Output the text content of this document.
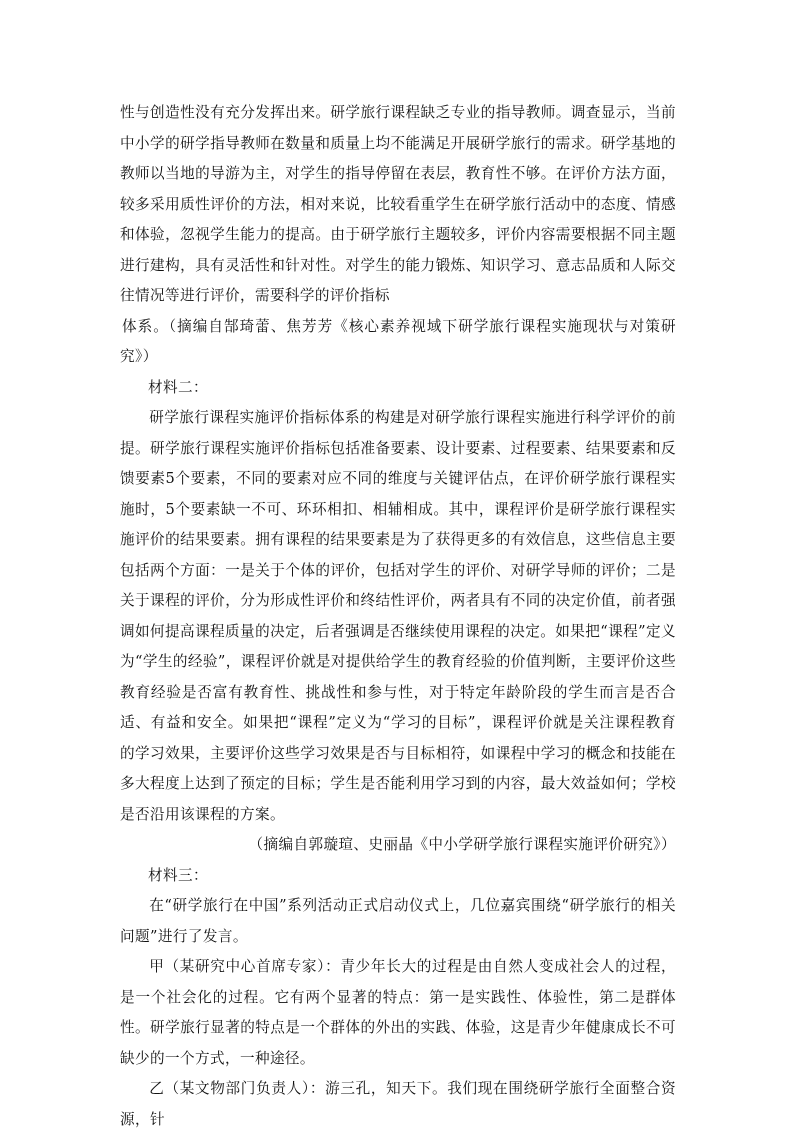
性与创造性没有充分发挥出来。研学旅行课程缺乏专业的指导教师。调查显示，当前中小学的研学指导教师在数量和质量上均不能满足开展研学旅行的需求。研学基地的教师以当地的导游为主，对学生的指导停留在表层，教育性不够。在评价方法方面，较多采用质性评价的方法，相对来说，比较看重学生在研学旅行活动中的态度、情感和体验，忽视学生能力的提高。由于研学旅行主题较多，评价内容需要根据不同主题进行建构，具有灵活性和针对性。对学生的能力锻炼、知识学习、意志品质和人际交往情况等进行评价，需要科学的评价指标

体系。（摘编自郜琦蕾、焦芳芳《核心素养视域下研学旅行课程实施现状与对策研究》）

材料二：

研学旅行课程实施评价指标体系的构建是对研学旅行课程实施进行科学评价的前提。研学旅行课程实施评价指标包括准备要素、设计要素、过程要素、结果要素和反馈要素5个要素，不同的要素对应不同的维度与关键评估点，在评价研学旅行课程实施时，5个要素缺一不可、环环相扣、相辅相成。其中，课程评价是研学旅行课程实施评价的结果要素。拥有课程的结果要素是为了获得更多的有效信息，这些信息主要包括两个方面：一是关于个体的评价，包括对学生的评价、对研学导师的评价；二是关于课程的评价，分为形成性评价和终结性评价，两者具有不同的决定价值，前者强调如何提高课程质量的决定，后者强调是否继续使用课程的决定。如果把“课程”定义为“学生的经验”，课程评价就是对提供给学生的教育经验的价值判断，主要评价这些教育经验是否富有教育性、挑战性和参与性，对于特定年龄阶段的学生而言是否合适、有益和安全。如果把“课程”定义为“学习的目标”，课程评价就是关注课程教育的学习效果，主要评价这些学习效果是否与目标相符，如课程中学习的概念和技能在多大程度上达到了预定的目标；学生是否能利用学习到的内容，最大效益如何；学校是否沿用该课程的方案。

（摘编自郭璇瑄、史丽晶《中小学研学旅行课程实施评价研究》）

材料三：

在“研学旅行在中国”系列活动正式启动仪式上，几位嘉宾围绕“研学旅行的相关问题”进行了发言。

甲（某研究中心首席专家）：青少年长大的过程是由自然人变成社会人的过程，是一个社会化的过程。它有两个显著的特点：第一是实践性、体验性，第二是群体性。研学旅行显著的特点是一个群体的外出的实践、体验，这是青少年健康成长不可缺少的一个方式，一种途径。

乙（某文物部门负责人）：游三孔，知天下。我们现在围绕研学旅行全面整合资源，针
